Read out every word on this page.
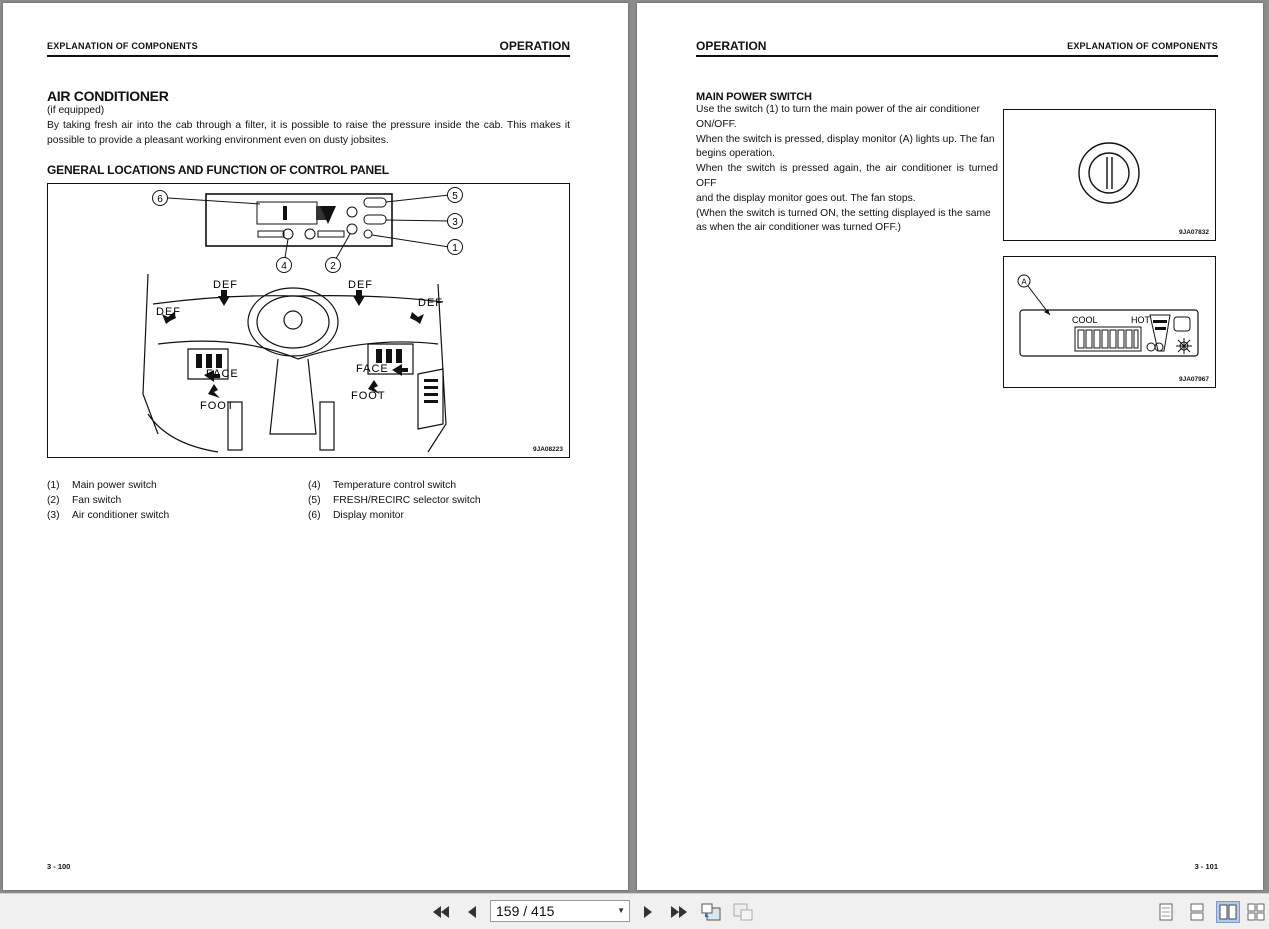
EXPLANATION OF COMPONENTS	OPERATION
AIR CONDITIONER
(if equipped)
By taking fresh air into the cab through a filter, it is possible to raise the pressure inside the cab. This makes it possible to provide a pleasant working environment even on dusty jobsites.
GENERAL LOCATIONS AND FUNCTION OF CONTROL PANEL
6	5
3
1
4	2
DEF	DEF
DEF
DEF
FACE	FACE
FOOT
FOOT
9JA08223
(1) Main power switch
(2) Fan switch
(3) Air conditioner switch
(4) Temperature control switch
(5) FRESH/RECIRC selector switch
(6) Display monitor
3 - 100
OPERATION	EXPLANATION OF COMPONENTS
MAIN POWER SWITCH
Use the switch (1) to turn the main power of the air conditioner
ON/OFF.
When the switch is pressed, display monitor (A) lights up. The fan
begins operation.
When the switch is pressed again, the air conditioner is turned OFF
and the display monitor goes out. The fan stops.
(When the switch is turned ON, the setting displayed is the same
as when the air conditioner was turned OFF.)	9JA07832
A
COOL	HOT
9JA07967
3 - 101
159 / 415	▼
